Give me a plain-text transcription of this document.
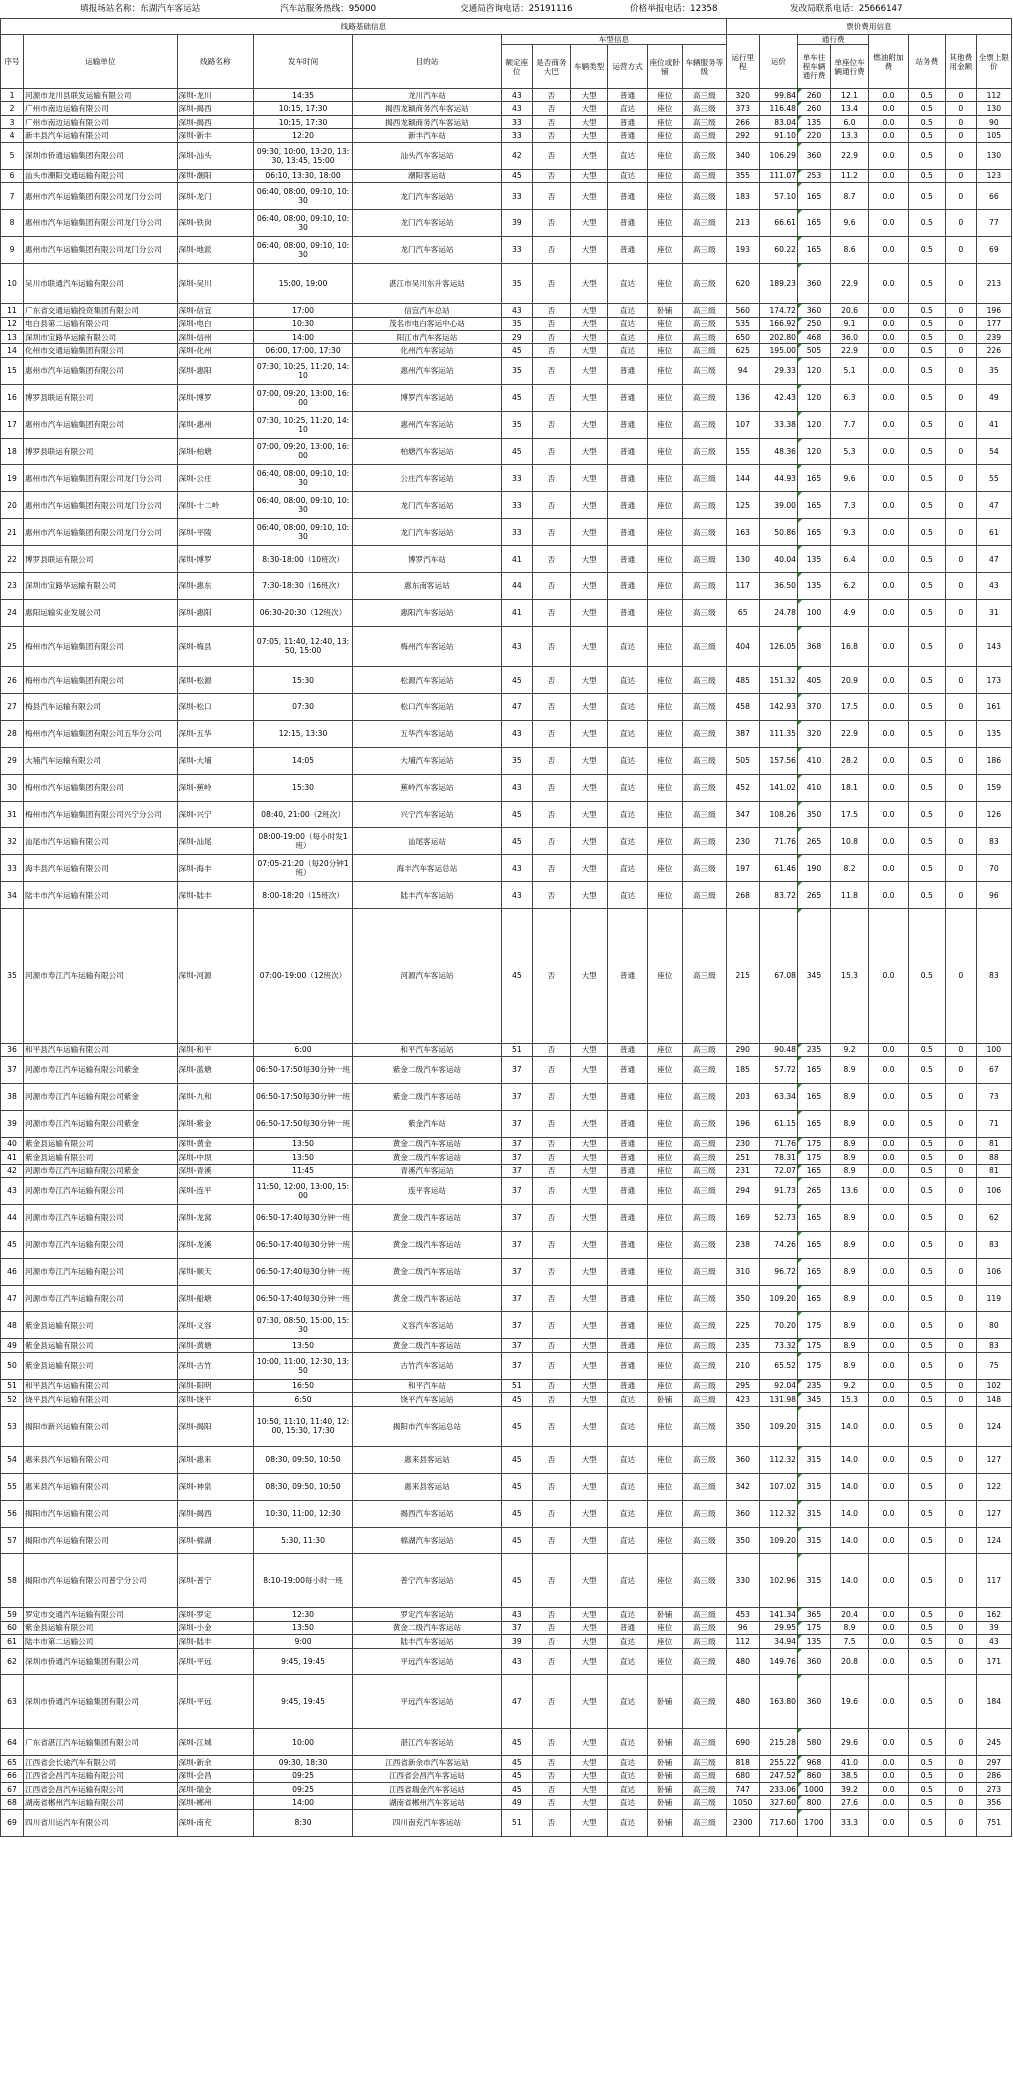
填报场站名称：东湖汽车客运站	汽车站服务热线：95000	交通局咨询电话：25191116	价格举报电话：12358	发改局联系电话：25666147
线路基础信息											票价费用信息							
序号	运输单位	线路名称	发车时间	目的站	车型信息						运行里程	运价	通行费		燃油附加费	站务费	其他费用金额	全票上限价
					额定座位	是否商务大巴	车辆类型	运营方式	座位或卧铺	车辆服务等级			单车往程车辆通行费	单座位车辆通行费				
1	河源市龙川县联发运输有限公司	深圳-龙川	14:35	龙川汽车站	43	否	大型	普通	座位	高三级	320	99.84	260	12.1	0.0	0.5	0	112
2	广州市南边运输有限公司	深圳-揭西	10:15, 17:30	揭西龙颖商务汽车客运站	43	否	大型	直达	座位	高三级	373	116.48	260	13.4	0.0	0.5	0	130
3	广州市南边运输有限公司	深圳-揭西	10:15, 17:30	揭西龙颖商务汽车客运站	33	否	大型	普通	座位	高三级	266	83.04	135	6.0	0.0	0.5	0	90
4	新丰县汽车运输有限公司	深圳-新丰	12:20	新丰汽车站	33	否	大型	普通	座位	高三级	292	91.10	220	13.3	0.0	0.5	0	105
5	深圳市侨通运输集团有限公司	深圳-汕头	09:30, 10:00, 13:20, 13:30, 13:45, 15:00	汕头汽车客运站	42	否	大型	直达	座位	高三级	340	106.29	360	22.9	0.0	0.5	0	130
6	汕头市潮阳交通运输有限公司	深圳-潮阳	06:10, 13:30, 18:00	潮阳客运站	45	否	大型	直达	座位	高三级	355	111.07	253	11.2	0.0	0.5	0	123
7	惠州市汽车运输集团有限公司龙门分公司	深圳-龙门	06:40, 08:00, 09:10, 10:30	龙门汽车客运站	33	否	大型	普通	座位	高三级	183	57.10	165	8.7	0.0	0.5	0	66
8	惠州市汽车运输集团有限公司龙门分公司	深圳-铁岗	06:40, 08:00, 09:10, 10:30	龙门汽车客运站	39	否	大型	普通	座位	高三级	213	66.61	165	9.6	0.0	0.5	0	77
9	惠州市汽车运输集团有限公司龙门分公司	深圳-地派	06:40, 08:00, 09:10, 10:30	龙门汽车客运站	33	否	大型	普通	座位	高三级	193	60.22	165	8.6	0.0	0.5	0	69
10	吴川市联通汽车运输有限公司	深圳-吴川	15:00, 19:00	湛江市吴川东升客运站	35	否	大型	直达	座位	高三级	620	189.23	360	22.9	0.0	0.5	0	213
11	广东省交通运输投资集团有限公司	深圳-信宜	17:00	信宜汽车总站	43	否	大型	直达	卧铺	高三级	560	174.72	360	20.6	0.0	0.5	0	196
12	电白县第二运输有限公司	深圳-电白	10:30	茂名市电白客运中心站	35	否	大型	直达	座位	高三级	535	166.92	250	9.1	0.0	0.5	0	177
13	深圳市宝路华运输有限公司	深圳-信州	14:00	阳江市汽车客运站	29	否	大型	直达	座位	高三级	650	202.80	468	36.0	0.0	0.5	0	239
14	化州市交通运输集团有限公司	深圳-化州	06:00, 17:00, 17:30	化州汽车客运站	45	否	大型	直达	座位	高三级	625	195.00	505	22.9	0.0	0.5	0	226
15	惠州市汽车运输集团有限公司	深圳-惠阳	07:30, 10:25, 11:20, 14:10	惠州汽车客运站	35	否	大型	普通	座位	高三级	94	29.33	120	5.1	0.0	0.5	0	35
16	博罗县联运有限公司	深圳-博罗	07:00, 09:20, 13:00, 16:00	博罗汽车客运站	45	否	大型	普通	座位	高三级	136	42.43	120	6.3	0.0	0.5	0	49
17	惠州市汽车运输集团有限公司	深圳-惠州	07:30, 10:25, 11:20, 14:10	惠州汽车客运站	35	否	大型	普通	座位	高三级	107	33.38	120	7.7	0.0	0.5	0	41
18	博罗县联运有限公司	深圳-柏塘	07:00, 09:20, 13:00, 16:00	柏塘汽车客运站	45	否	大型	普通	座位	高三级	155	48.36	120	5.3	0.0	0.5	0	54
19	惠州市汽车运输集团有限公司龙门分公司	深圳-公庄	06:40, 08:00, 09:10, 10:30	公庄汽车客运站	33	否	大型	普通	座位	高三级	144	44.93	165	9.6	0.0	0.5	0	55
20	惠州市汽车运输集团有限公司龙门分公司	深圳-十二岭	06:40, 08:00, 09:10, 10:30	龙门汽车客运站	33	否	大型	普通	座位	高三级	125	39.00	165	7.3	0.0	0.5	0	47
21	惠州市汽车运输集团有限公司龙门分公司	深圳-平陵	06:40, 08:00, 09:10, 10:30	龙门汽车客运站	33	否	大型	普通	座位	高三级	163	50.86	165	9.3	0.0	0.5	0	61
22	博罗县联运有限公司	深圳-博罗	8:30-18:00（10班次）	博罗汽车站	41	否	大型	普通	座位	高三级	130	40.04	135	6.4	0.0	0.5	0	47
23	深圳市宝路华运输有限公司	深圳-惠东	7:30-18:30（16班次）	惠东南客运站	44	否	大型	普通	座位	高三级	117	36.50	135	6.2	0.0	0.5	0	43
24	惠阳运输实业发展公司	深圳-惠阳	06:30-20:30（12班次）	惠阳汽车客运站	41	否	大型	普通	座位	高三级	65	24.78	100	4.9	0.0	0.5	0	31
25	梅州市汽车运输集团有限公司	深圳-梅县	07:05, 11:40, 12:40, 13:50, 15:00	梅州汽车客运站	43	否	大型	直达	座位	高三级	404	126.05	368	16.8	0.0	0.5	0	143
26	梅州市汽车运输集团有限公司	深圳-松源	15:30	松源汽车客运站	45	否	大型	直达	座位	高三级	485	151.32	405	20.9	0.0	0.5	0	173
27	梅县汽车运输有限公司	深圳-松口	07:30	松口汽车客运站	47	否	大型	直达	座位	高三级	458	142.93	370	17.5	0.0	0.5	0	161
28	梅州市汽车运输集团有限公司五华分公司	深圳-五华	12:15, 13:30	五华汽车客运站	43	否	大型	直达	座位	高三级	387	111.35	320	22.9	0.0	0.5	0	135
29	大埔汽车运输有限公司	深圳-大埔	14:05	大埔汽车客运站	35	否	大型	直达	座位	高三级	505	157.56	410	28.2	0.0	0.5	0	186
30	梅州市汽车运输集团有限公司	深圳-蕉岭	15:30	蕉岭汽车客运站	43	否	大型	直达	座位	高三级	452	141.02	410	18.1	0.0	0.5	0	159
31	梅州市汽车运输集团有限公司兴宁分公司	深圳-兴宁	08:40, 21:00（2班次）	兴宁汽车客运站	45	否	大型	直达	座位	高三级	347	108.26	350	17.5	0.0	0.5	0	126
32	汕尾市汽车运输有限公司	深圳-汕尾	08:00-19:00（每小时发1班）	汕尾客运站	45	否	大型	直达	座位	高三级	230	71.76	265	10.8	0.0	0.5	0	83
33	海丰县汽车运输有限公司	深圳-海丰	07:05-21:20（每20分钟1班）	海丰汽车客运总站	43	否	大型	直达	座位	高三级	197	61.46	190	8.2	0.0	0.5	0	70
34	陆丰市汽车运输有限公司	深圳-陆丰	8:00-18:20（15班次）	陆丰汽车客运站	43	否	大型	直达	座位	高三级	268	83.72	265	11.8	0.0	0.5	0	96
35	河源市寿江汽车运输有限公司	深圳-河源	07:00-19:00（12班次）	河源汽车客运站	45	否	大型	普通	座位	高三级	215	67.08	345	15.3	0.0	0.5	0	83
36	和平县汽车运输有限公司	深圳-和平	6:00	和平汽车客运站	51	否	大型	普通	座位	高三级	290	90.48	235	9.2	0.0	0.5	0	100
37	河源市寿江汽车运输有限公司紫金	深圳-蓝塘	06:50-17:50每30分钟一班	紫金二级汽车客运站	37	否	大型	普通	座位	高三级	185	57.72	165	8.9	0.0	0.5	0	67
38	河源市寿江汽车运输有限公司紫金	深圳-九和	06:50-17:50每30分钟一班	紫金二级汽车客运站	37	否	大型	普通	座位	高三级	203	63.34	165	8.9	0.0	0.5	0	73
39	河源市寿江汽车运输有限公司紫金	深圳-紫金	06:50-17:50每30分钟一班	紫金汽车站	37	否	大型	普通	座位	高三级	196	61.15	165	8.9	0.0	0.5	0	71
40	紫金县运输有限公司	深圳-黄金	13:50	黄金二级汽车客运站	37	否	大型	普通	座位	高三级	230	71.76	175	8.9	0.0	0.5	0	81
41	紫金县运输有限公司	深圳-中坝	13:50	黄金二级汽车客运站	37	否	大型	普通	座位	高三级	251	78.31	175	8.9	0.0	0.5	0	88
42	河源市寿江汽车运输有限公司紫金	深圳-青溪	11:45	青溪汽车客运站	37	否	大型	普通	座位	高三级	231	72.07	165	8.9	0.0	0.5	0	81
43	河源市寿江汽车运输有限公司	深圳-连平	11:50, 12:00, 13:00, 15:00	连平客运站	37	否	大型	普通	座位	高三级	294	91.73	265	13.6	0.0	0.5	0	106
44	河源市寿江汽车运输有限公司	深圳-龙窝	06:50-17:40每30分钟一班	黄金二级汽车客运站	37	否	大型	普通	座位	高三级	169	52.73	165	8.9	0.0	0.5	0	62
45	河源市寿江汽车运输有限公司	深圳-龙溪	06:50-17:40每30分钟一班	黄金二级汽车客运站	37	否	大型	普通	座位	高三级	238	74.26	165	8.9	0.0	0.5	0	83
46	河源市寿江汽车运输有限公司	深圳-顺天	06:50-17:40每30分钟一班	黄金二级汽车客运站	37	否	大型	普通	座位	高三级	310	96.72	165	8.9	0.0	0.5	0	106
47	河源市寿江汽车运输有限公司	深圳-船塘	06:50-17:40每30分钟一班	黄金二级汽车客运站	37	否	大型	普通	座位	高三级	350	109.20	165	8.9	0.0	0.5	0	119
48	紫金县运输有限公司	深圳-义容	07:30, 08:50, 15:00, 15:30	义容汽车客运站	37	否	大型	普通	座位	高三级	225	70.20	175	8.9	0.0	0.5	0	80
49	紫金县运输有限公司	深圳-黄塘	13:50	黄金二级汽车客运站	37	否	大型	普通	座位	高三级	235	73.32	175	8.9	0.0	0.5	0	83
50	紫金县运输有限公司	深圳-古竹	10:00, 11:00, 12:30, 13:50	古竹汽车客运站	37	否	大型	普通	座位	高三级	210	65.52	175	8.9	0.0	0.5	0	75
51	和平县汽车运输有限公司	深圳-阳明	16:50	和平汽车站	51	否	大型	普通	座位	高三级	295	92.04	235	9.2	0.0	0.5	0	102
52	饶平县汽车运输有限公司	深圳-饶平	6:50	饶平汽车客运站	45	否	大型	直达	卧铺	高三级	423	131.98	345	15.3	0.0	0.5	0	148
53	揭阳市新兴运输有限公司	深圳-揭阳	10:50, 11:10, 11:40, 12:00, 15:30, 17:30	揭阳市汽车客运总站	45	否	大型	直达	座位	高三级	350	109.20	315	14.0	0.0	0.5	0	124
54	惠来县汽车运输有限公司	深圳-惠来	08:30, 09:50, 10:50	惠来县客运站	45	否	大型	直达	座位	高三级	360	112.32	315	14.0	0.0	0.5	0	127
55	惠来县汽车运输有限公司	深圳-神泉	08:30, 09:50, 10:50	惠来县客运站	45	否	大型	直达	座位	高三级	342	107.02	315	14.0	0.0	0.5	0	122
56	揭阳市汽车运输有限公司	深圳-揭西	10:30, 11:00, 12:30	揭西汽车客运站	45	否	大型	直达	座位	高三级	360	112.32	315	14.0	0.0	0.5	0	127
57	揭阳市汽车运输有限公司	深圳-棉湖	5:30, 11:30	棉湖汽车客运站	45	否	大型	直达	座位	高三级	350	109.20	315	14.0	0.0	0.5	0	124
58	揭阳市汽车运输有限公司普宁分公司	深圳-普宁	8:10-19:00每小时一班	普宁汽车客运站	45	否	大型	直达	座位	高三级	330	102.96	315	14.0	0.0	0.5	0	117
59	罗定市交通汽车运输有限公司	深圳-罗定	12:30	罗定汽车客运站	43	否	大型	直达	卧铺	高三级	453	141.34	365	20.4	0.0	0.5	0	162
60	紫金县运输有限公司	深圳-小金	13:50	黄金二级汽车客运站	37	否	大型	普通	座位	高三级	96	29.95	175	8.9	0.0	0.5	0	39
61	陆丰市第二运输公司	深圳-陆丰	9:00	陆丰汽车客运站	39	否	大型	直达	座位	高三级	112	34.94	135	7.5	0.0	0.5	0	43
62	深圳市侨通汽车运输集团有限公司	深圳-平远	9:45, 19:45	平远汽车客运站	43	否	大型	直达	座位	高三级	480	149.76	360	20.8	0.0	0.5	0	171
63	深圳市侨通汽车运输集团有限公司	深圳-平远	9:45, 19:45	平远汽车客运站	47	否	大型	直达	卧铺	高三级	480	163.80	360	19.6	0.0	0.5	0	184
64	广东省湛江汽车运输集团有限公司	深圳-江城	10:00	湛江汽车客运站	45	否	大型	直达	卧铺	高三级	690	215.28	580	29.6	0.0	0.5	0	245
65	江西省会长途汽车有限公司	深圳-新余	09:30, 18:30	江西省新余市汽车客运站	45	否	大型	直达	卧铺	高三级	818	255.22	968	41.0	0.0	0.5	0	297
66	江西省会昌汽车运输有限公司	深圳-会昌	09:25	江西省会昌汽车客运站	45	否	大型	直达	卧铺	高三级	680	247.52	860	38.5	0.0	0.5	0	286
67	江西省会昌汽车运输有限公司	深圳-瑞金	09:25	江西省瑞金汽车客运站	45	否	大型	直达	卧铺	高三级	747	233.06	1000	39.2	0.0	0.5	0	273
68	湖南省郴州汽车运输有限公司	深圳-郴州	14:00	湖南省郴州汽车客运站	49	否	大型	直达	卧铺	高三级	1050	327.60	800	27.6	0.0	0.5	0	356
69	四川省川运汽车有限公司	深圳-南充	8:30	四川南充汽车客运站	51	否	大型	直达	卧铺	高三级	2300	717.60	1700	33.3	0.0	0.5	0	751
